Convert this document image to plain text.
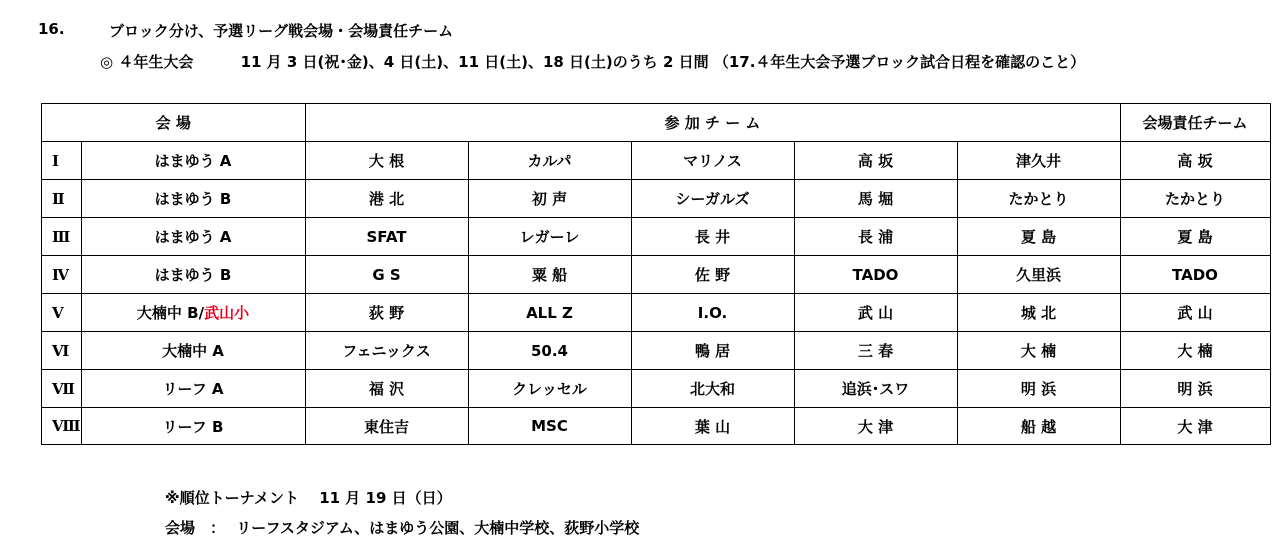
16.	ブロック分け、予選リーグ戦会場・会場責任チーム
◎ ４年生大会	11 月 3 日(祝･金)、4 日(土)、11 日(土)、18 日(土)のうち 2 日間 （17.４年生大会予選ブロック試合日程を確認のこと）
会 場		参 加 チ ー ム					会場責任チーム
Ⅰ	はまゆう A	大 根	カルパ	マリノス	高 坂	津久井	高 坂
Ⅱ	はまゆう B	港 北	初 声	シーガルズ	馬 堀	たかとり	たかとり
Ⅲ	はまゆう A	SFAT	レガーレ	長 井	長 浦	夏 島	夏 島
Ⅳ	はまゆう B	G S	粟 船	佐 野	TADO	久里浜	TADO
Ⅴ	大楠中 B/武山小	荻 野	ALL Z	I.O.	武 山	城 北	武 山
Ⅵ	大楠中 A	フェニックス	50.4	鴨 居	三 春	大 楠	大 楠
Ⅶ	リーフ A	福 沢	クレッセル	北大和	追浜･スワ	明 浜	明 浜
Ⅷ	リーフ B	東住吉	MSC	葉 山	大 津	船 越	大 津
※順位トーナメント　 11 月 19 日（日）
会場　： リーフスタジアム、はまゆう公園、大楠中学校、荻野小学校
